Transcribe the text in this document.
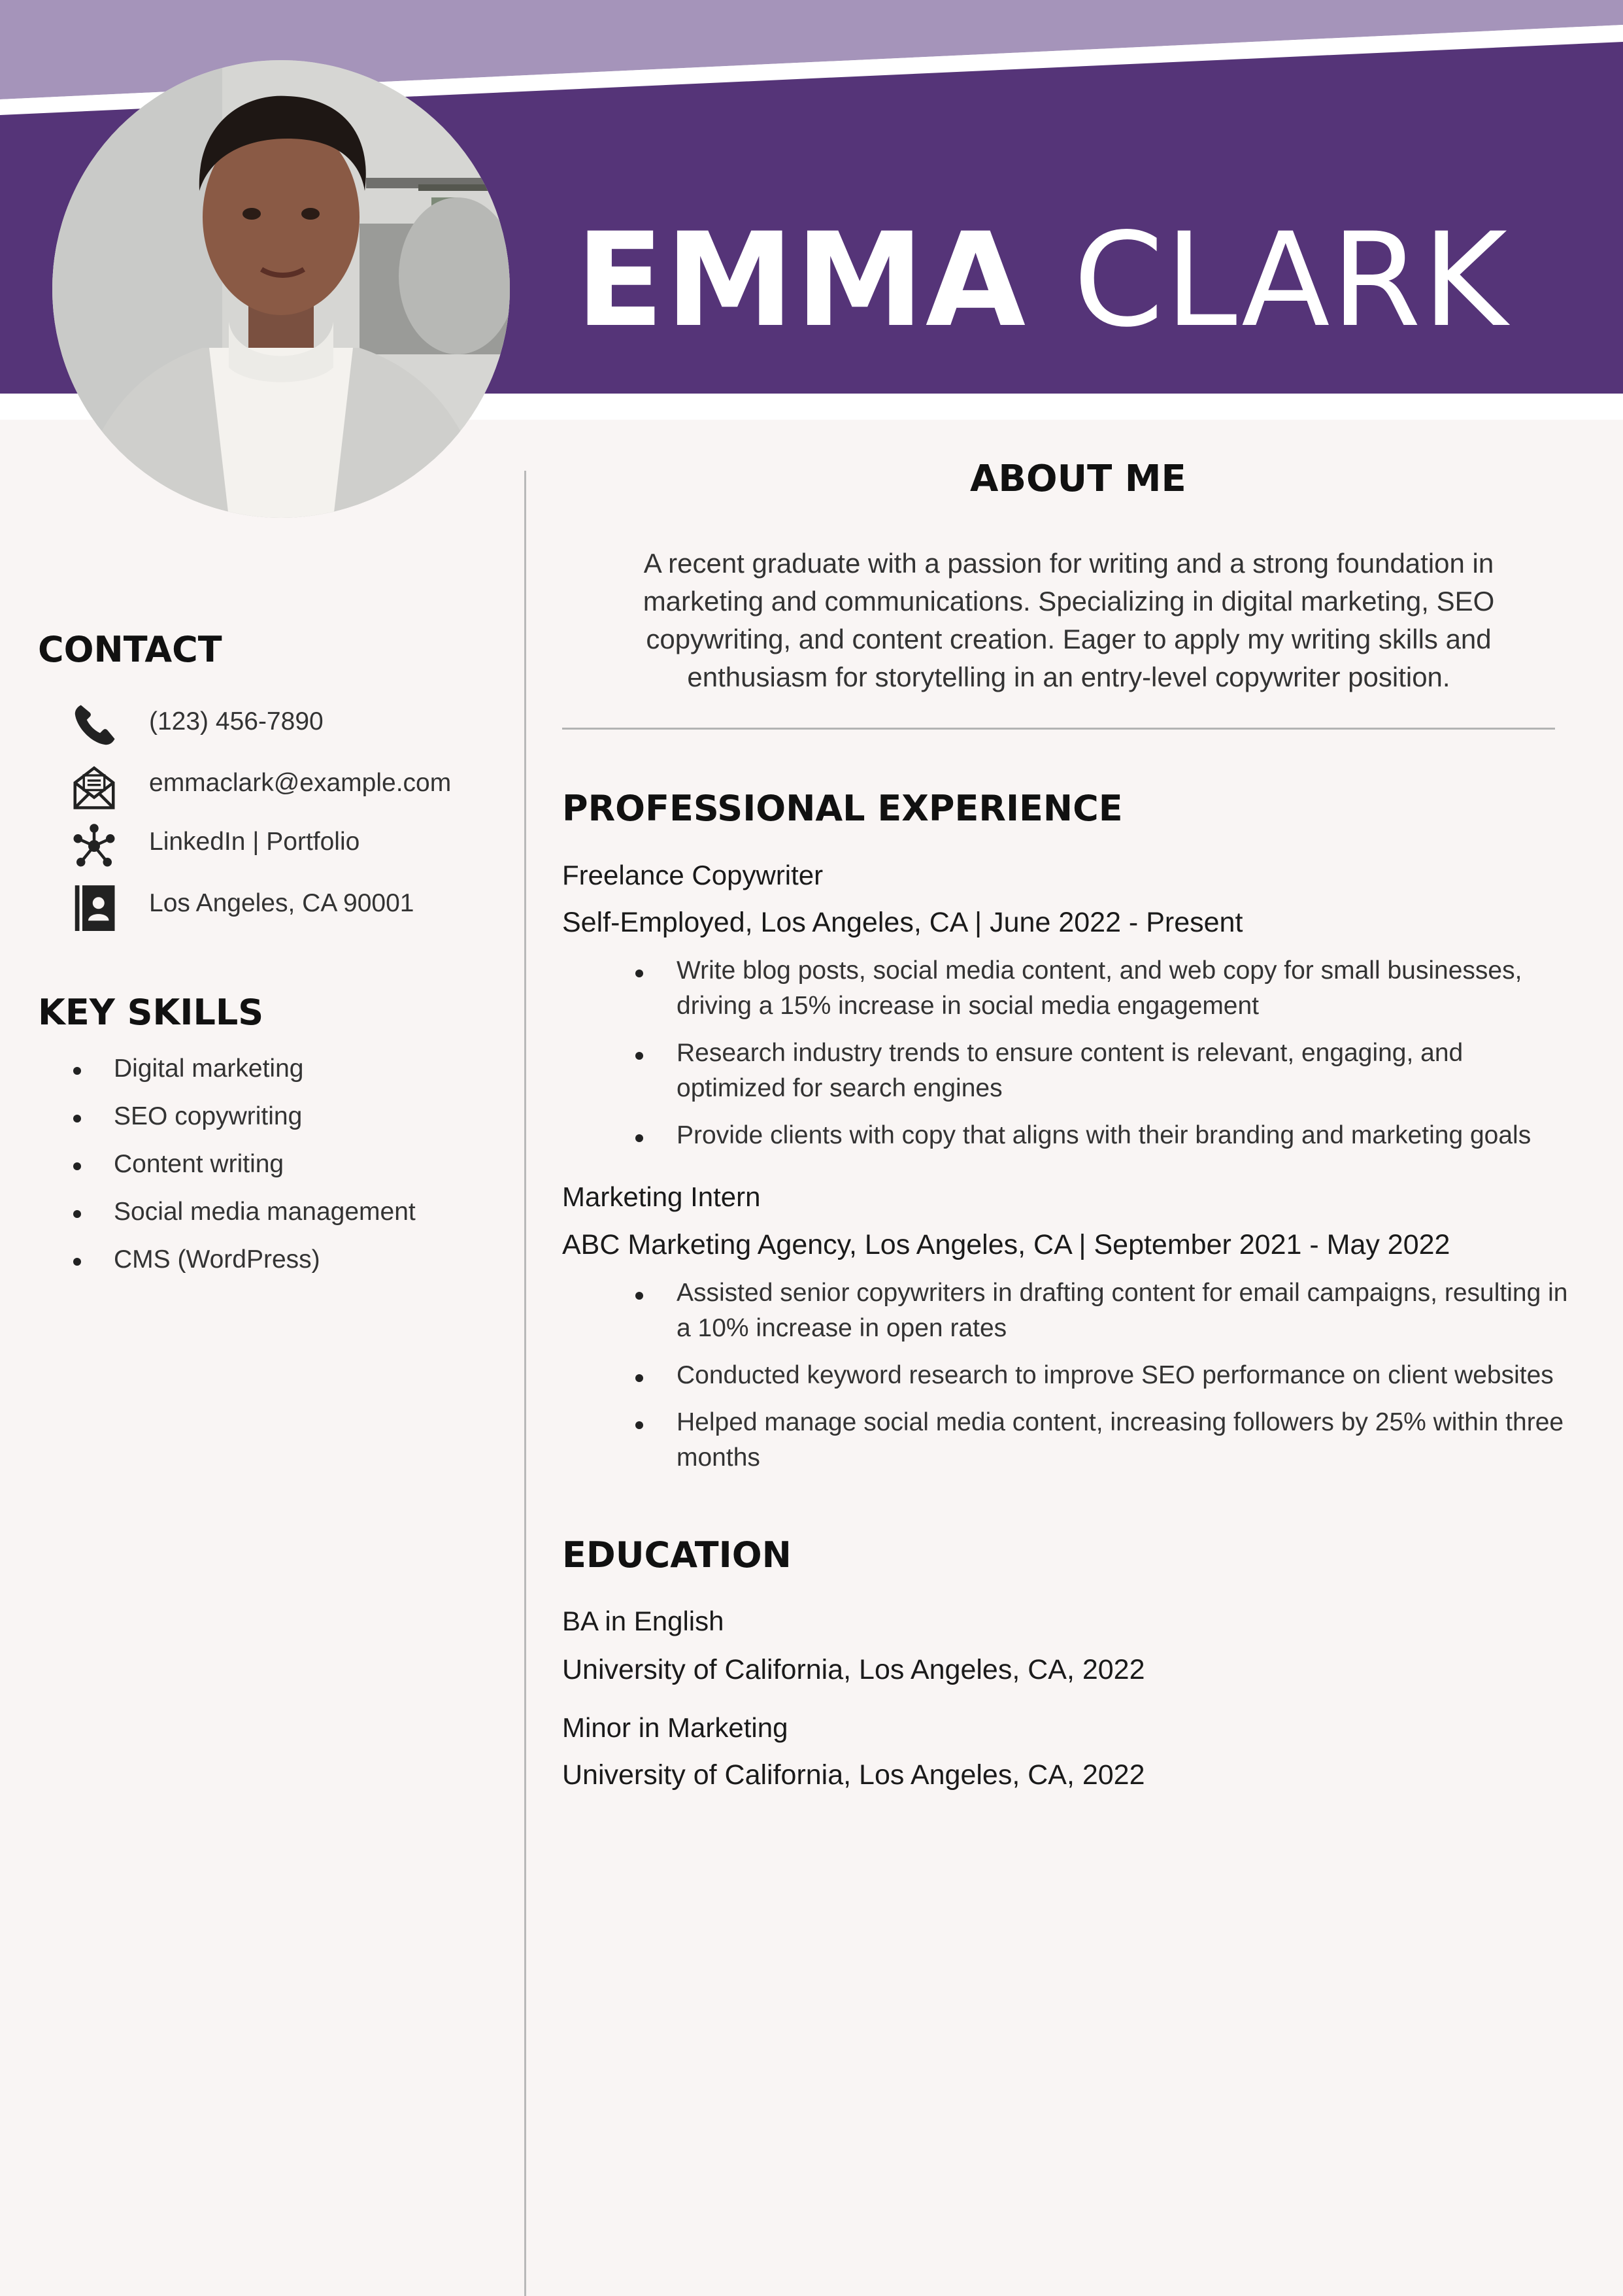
EMMA CLARK
CONTACT
(123) 456-7890
emmaclark@example.com
LinkedIn | Portfolio
Los Angeles, CA 90001
KEY SKILLS
Digital marketing
SEO copywriting
Content writing
Social media management
CMS (WordPress)
ABOUT ME

A recent graduate with a passion for writing and a strong foundation in
marketing and communications. Specializing in digital marketing, SEO
copywriting, and content creation. Eager to apply my writing skills and
enthusiasm for storytelling in an entry-level copywriter position.

PROFESSIONAL EXPERIENCE
Freelance Copywriter
Self-Employed, Los Angeles, CA | June 2022 - Present
Write blog posts, social media content, and web copy for small businesses,
driving a 15% increase in social media engagement
Research industry trends to ensure content is relevant, engaging, and
optimized for search engines
Provide clients with copy that aligns with their branding and marketing goals
Marketing Intern
ABC Marketing Agency, Los Angeles, CA | September 2021 - May 2022
Assisted senior copywriters in drafting content for email campaigns, resulting in
a 10% increase in open rates
Conducted keyword research to improve SEO performance on client websites
Helped manage social media content, increasing followers by 25% within three
months
EDUCATION
BA in English
University of California, Los Angeles, CA, 2022
Minor in Marketing
University of California, Los Angeles, CA, 2022
